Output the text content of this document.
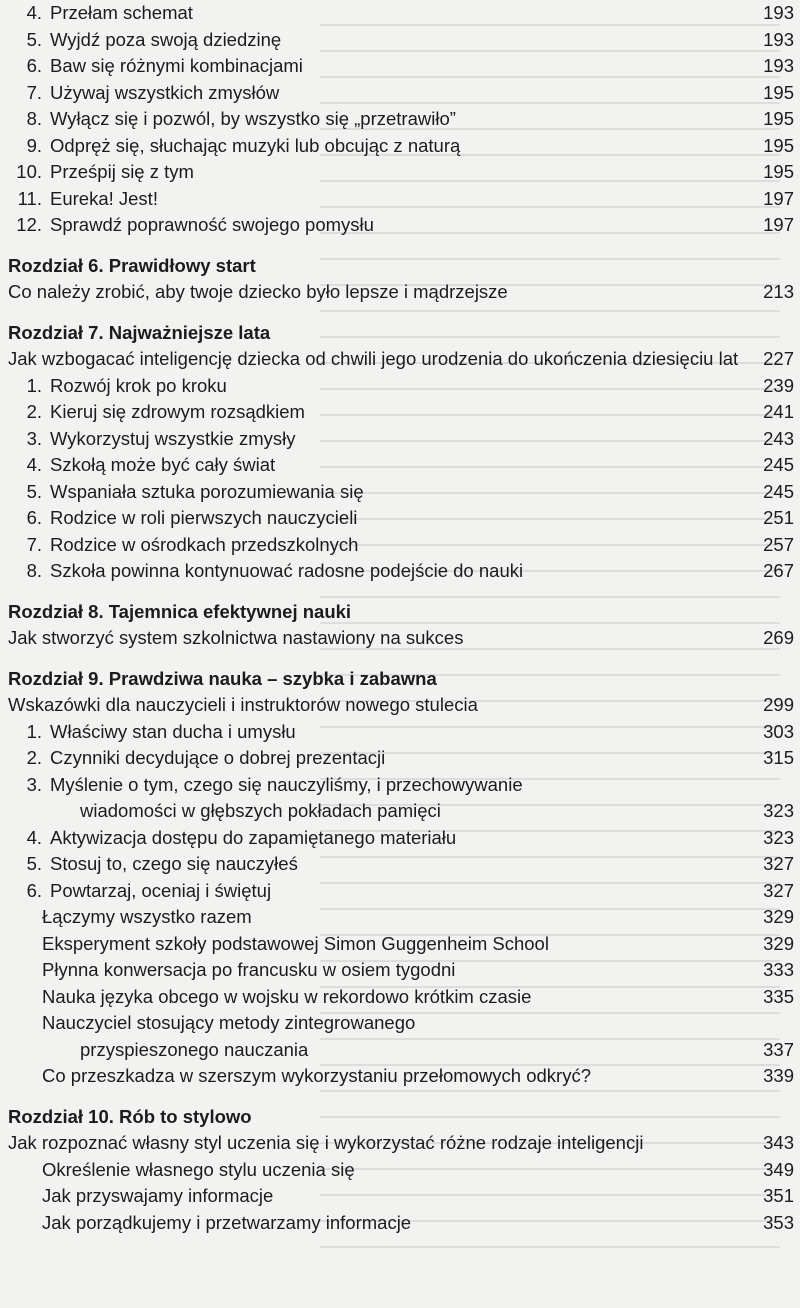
4. Przełam schemat	193
5. Wyjdź poza swoją dziedzinę	193
6. Baw się różnymi kombinacjami	193
7. Używaj wszystkich zmysłów	195
8. Wyłącz się i pozwól, by wszystko się „przetrawiło”	195
9. Odpręż się, słuchając muzyki lub obcując z naturą	195
10. Prześpij się z tym	195
11. Eureka! Jest!	197
12. Sprawdź poprawność swojego pomysłu	197
Rozdział 6. Prawidłowy start
Co należy zrobić, aby twoje dziecko było lepsze i mądrzejsze	213
Rozdział 7. Najważniejsze lata
Jak wzbogacać inteligencję dziecka od chwili jego urodzenia do ukończenia dziesięciu lat 227
1. Rozwój krok po kroku	239
2. Kieruj się zdrowym rozsądkiem	241
3. Wykorzystuj wszystkie zmysły	243
4. Szkołą może być cały świat	245
5. Wspaniała sztuka porozumiewania się	245
6. Rodzice w roli pierwszych nauczycieli	251
7. Rodzice w ośrodkach przedszkolnych	257
8. Szkoła powinna kontynuować radosne podejście do nauki	267
Rozdział 8. Tajemnica efektywnej nauki
Jak stworzyć system szkolnictwa nastawiony na sukces	269
Rozdział 9. Prawdziwa nauka – szybka i zabawna
Wskazówki dla nauczycieli i instruktorów nowego stulecia	299
1. Właściwy stan ducha i umysłu	303
2. Czynniki decydujące o dobrej prezentacji	315
3. Myślenie o tym, czego się nauczyliśmy, i przechowywanie
wiadomości w głębszych pokładach pamięci	323
4. Aktywizacja dostępu do zapamiętanego materiału	323
5. Stosuj to, czego się nauczyłeś	327
6. Powtarzaj, oceniaj i świętuj	327
Łączymy wszystko razem	329
Eksperyment szkoły podstawowej Simon Guggenheim School	329
Płynna konwersacja po francusku w osiem tygodni	333
Nauka języka obcego w wojsku w rekordowo krótkim czasie	335
Nauczyciel stosujący metody zintegrowanego
przyspieszonego nauczania	337
Co przeszkadza w szerszym wykorzystaniu przełomowych odkryć?	339
Rozdział 10. Rób to stylowo
Jak rozpoznać własny styl uczenia się i wykorzystać różne rodzaje inteligencji	343
Określenie własnego stylu uczenia się	349
Jak przyswajamy informacje	351
Jak porządkujemy i przetwarzamy informacje	353
